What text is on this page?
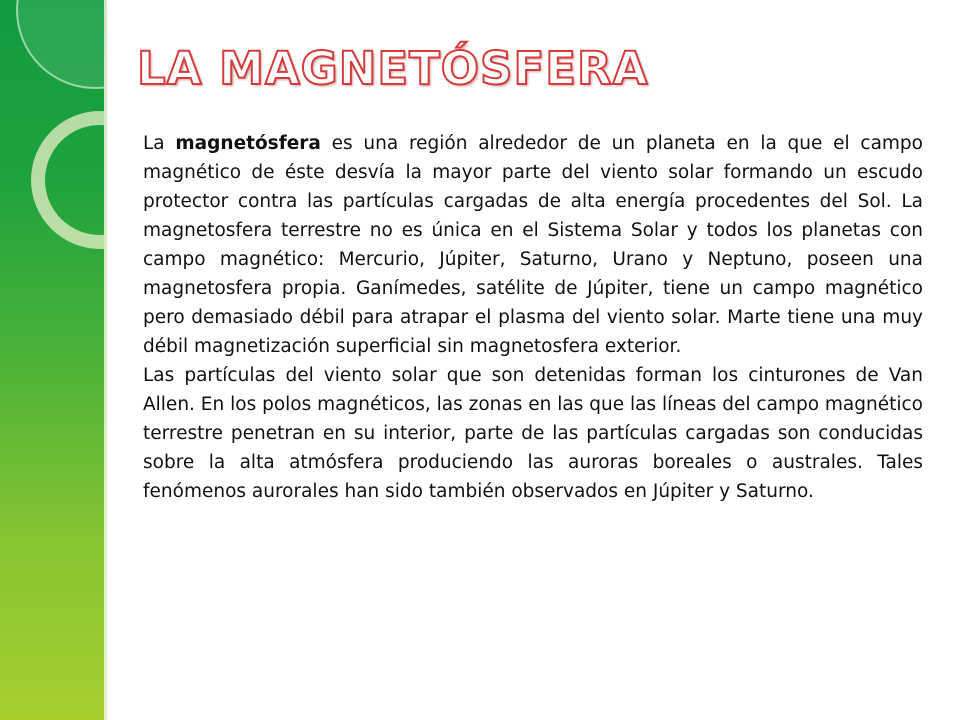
LA MAGNETÓSFERA

La magnetósfera es una región alrededor de un planeta en la que el campo magnético de éste desvía la mayor parte del viento solar formando un escudo protector contra las partículas cargadas de alta energía procedentes del Sol. La magnetosfera terrestre no es única en el Sistema Solar y todos los planetas con campo magnético: Mercurio, Júpiter, Saturno, Urano y Neptuno, poseen una magnetosfera propia. Ganímedes, satélite de Júpiter, tiene un campo magnético pero demasiado débil para atrapar el plasma del viento solar. Marte tiene una muy débil magnetización superficial sin magnetosfera exterior.

Las partículas del viento solar que son detenidas forman los cinturones de Van Allen. En los polos magnéticos, las zonas en las que las líneas del campo magnético terrestre penetran en su interior, parte de las partículas cargadas son conducidas sobre la alta atmósfera produciendo las auroras boreales o australes. Tales fenómenos aurorales han sido también observados en Júpiter y Saturno.
